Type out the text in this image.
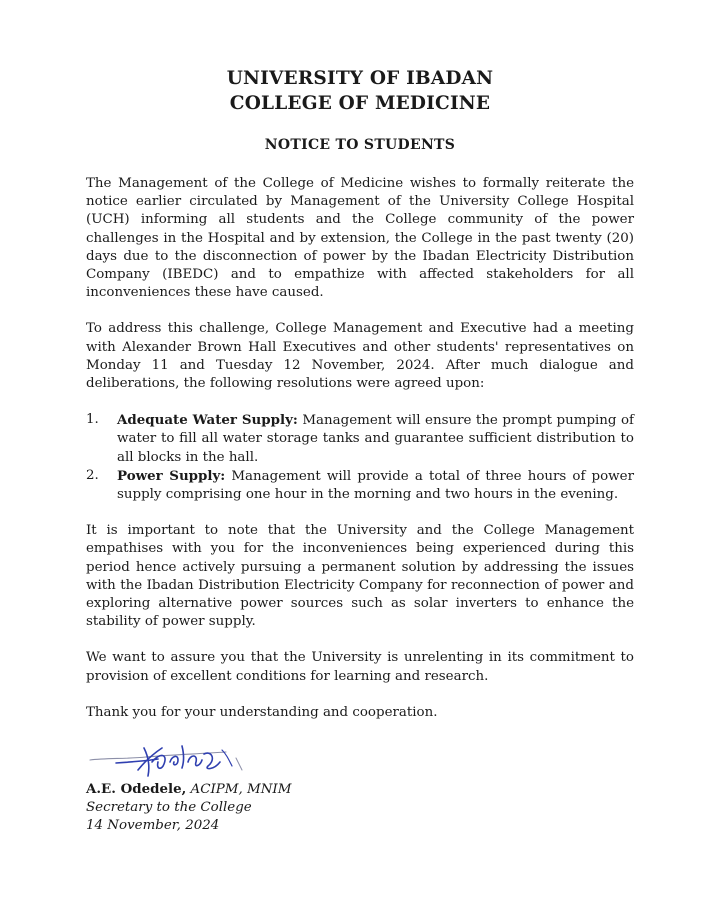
UNIVERSITY OF IBADAN
COLLEGE OF MEDICINE
NOTICE TO STUDENTS

The Management of the College of Medicine wishes to formally reiterate the notice earlier circulated by Management of the University College Hospital (UCH) informing all students and the College community of the power challenges in the Hospital and by extension, the College in the past twenty (20) days due to the disconnection of power by the Ibadan Electricity Distribution Company (IBEDC) and to empathize with affected stakeholders for all inconveniences these have caused.

To address this challenge, College Management and Executive had a meeting with Alexander Brown Hall Executives and other students' representatives on Monday 11 and Tuesday 12 November, 2024. After much dialogue and deliberations, the following resolutions were agreed upon:

1.	Adequate Water Supply: Management will ensure the prompt pumping of water to fill all water storage tanks and guarantee sufficient distribution to all blocks in the hall.
2.	Power Supply: Management will provide a total of three hours of power supply comprising one hour in the morning and two hours in the evening.

It is important to note that the University and the College Management empathises with you for the inconveniences being experienced during this period hence actively pursuing a permanent solution by addressing the issues with the Ibadan Distribution Electricity Company for reconnection of power and exploring alternative power sources such as solar inverters to enhance the stability of power supply.

We want to assure you that the University is unrelenting in its commitment to provision of excellent conditions for learning and research.

Thank you for your understanding and cooperation.

A.E. Odedele, ACIPM, MNIM
Secretary to the College
14 November, 2024
